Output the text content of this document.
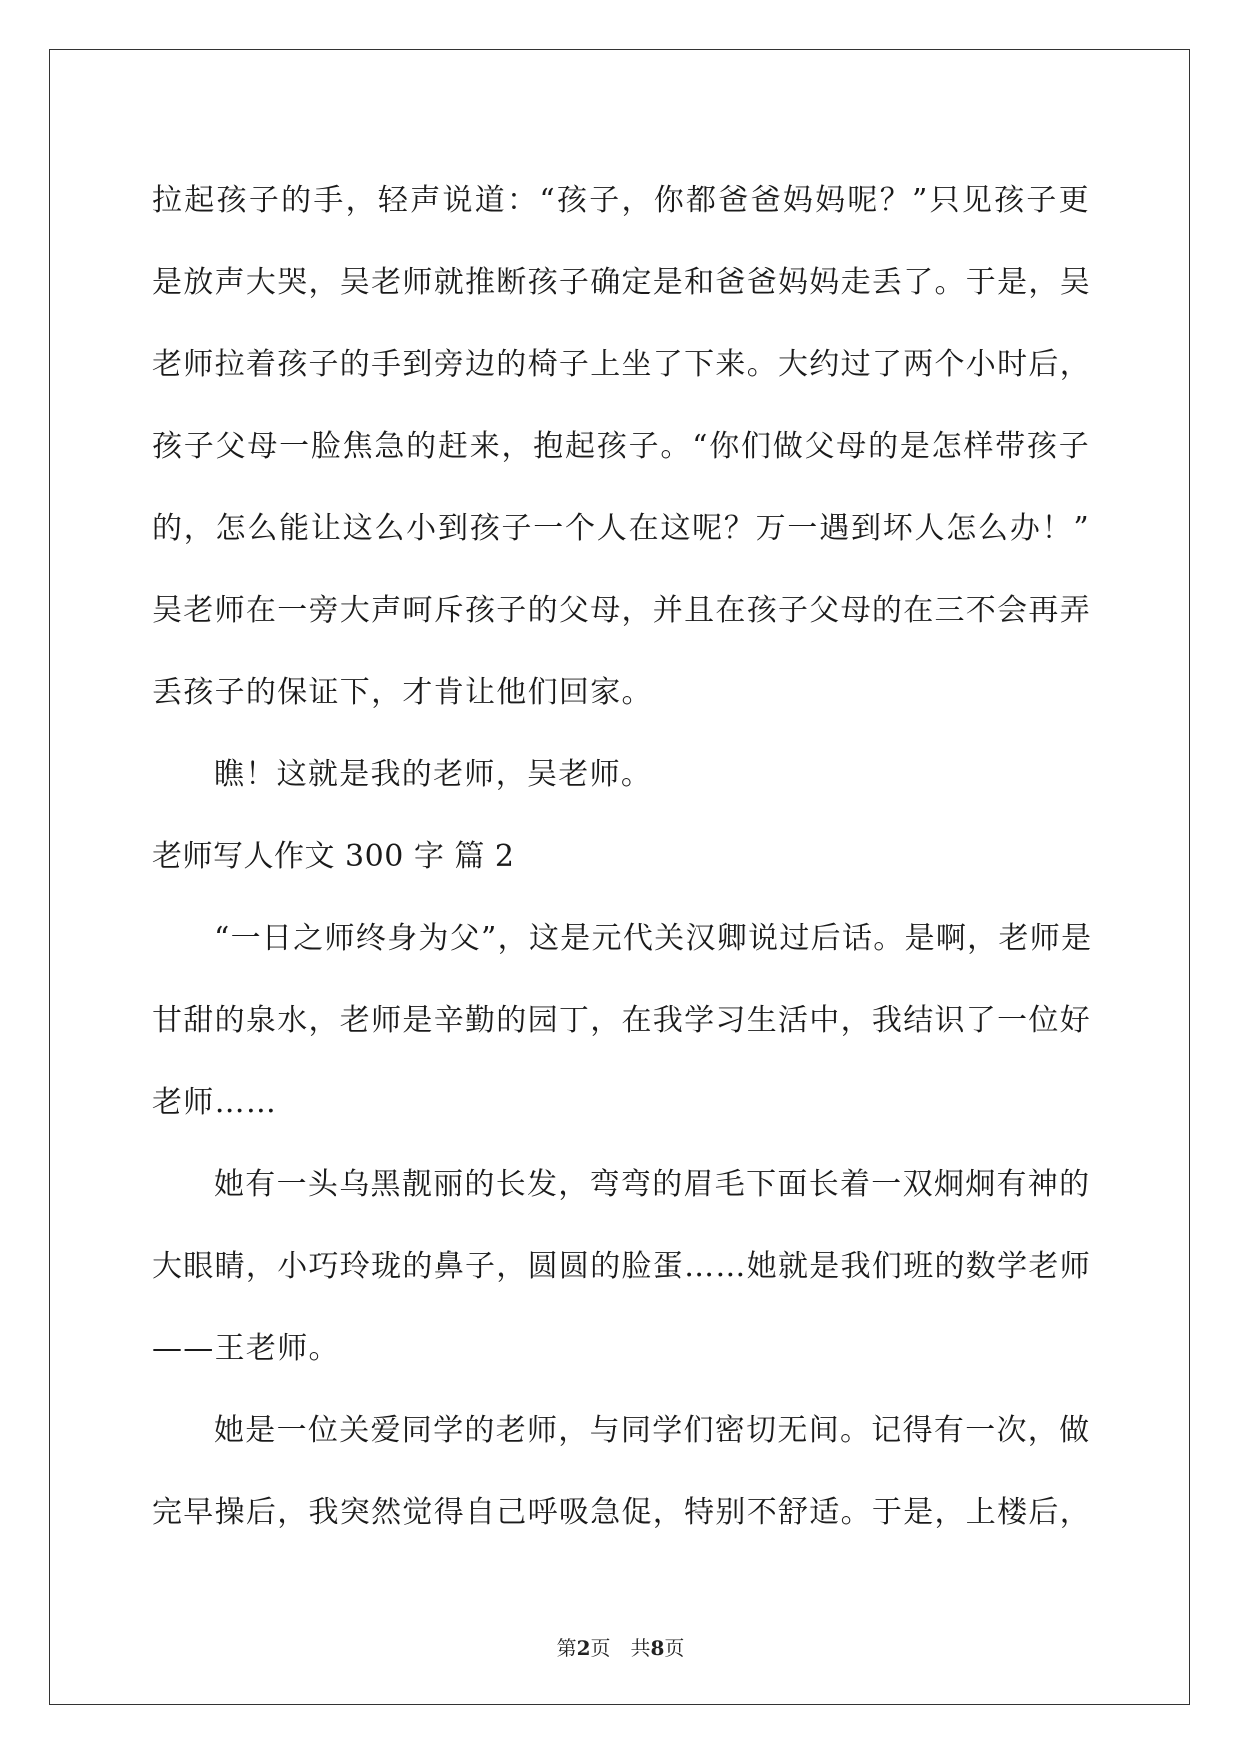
拉起孩子的手，轻声说道：“孩子，你都爸爸妈妈呢？”只见孩子更
是放声大哭，吴老师就推断孩子确定是和爸爸妈妈走丢了。于是，吴
老师拉着孩子的手到旁边的椅子上坐了下来。大约过了两个小时后，
孩子父母一脸焦急的赶来，抱起孩子。“你们做父母的是怎样带孩子
的，怎么能让这么小到孩子一个人在这呢？万一遇到坏人怎么办！”
吴老师在一旁大声呵斥孩子的父母，并且在孩子父母的在三不会再弄
丢孩子的保证下，才肯让他们回家。
瞧！这就是我的老师，吴老师。
老师写人作文 300 字 篇 2
“一日之师终身为父”，这是元代关汉卿说过后话。是啊，老师是
甘甜的泉水，老师是辛勤的园丁，在我学习生活中，我结识了一位好
老师……
她有一头乌黑靓丽的长发，弯弯的眉毛下面长着一双炯炯有神的
大眼睛，小巧玲珑的鼻子，圆圆的脸蛋……她就是我们班的数学老师
——王老师。
她是一位关爱同学的老师，与同学们密切无间。记得有一次，做
完早操后，我突然觉得自己呼吸急促，特别不舒适。于是，上楼后，
第2页 共8页
